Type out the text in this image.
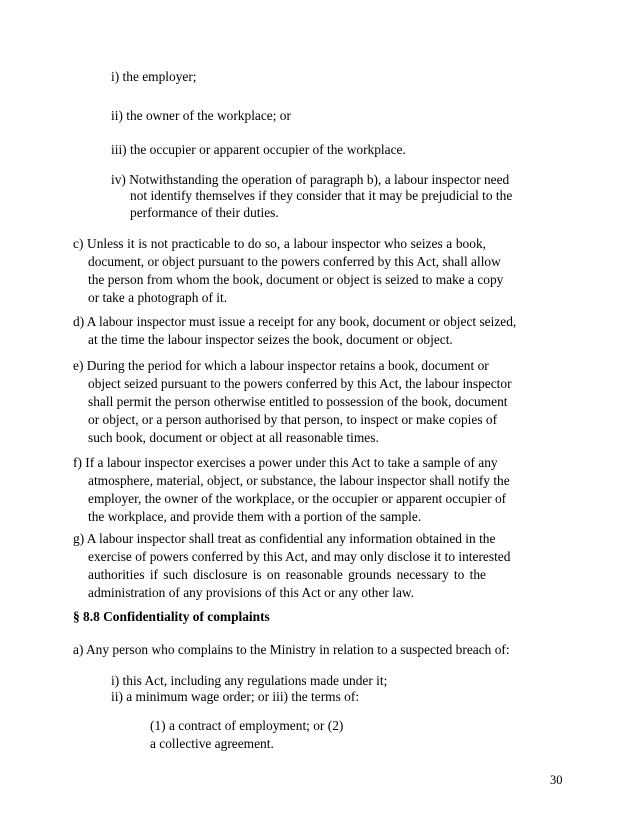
i) the employer;
ii) the owner of the workplace; or
iii) the occupier or apparent occupier of the workplace.
iv) Notwithstanding the operation of paragraph b), a labour inspector need
not identify themselves if they consider that it may be prejudicial to the
performance of their duties.
c) Unless it is not practicable to do so, a labour inspector who seizes a book,
document, or object pursuant to the powers conferred by this Act, shall allow
the person from whom the book, document or object is seized to make a copy
or take a photograph of it.
d) A labour inspector must issue a receipt for any book, document or object seized,
at the time the labour inspector seizes the book, document or object.
e) During the period for which a labour inspector retains a book, document or
object seized pursuant to the powers conferred by this Act, the labour inspector
shall permit the person otherwise entitled to possession of the book, document
or object, or a person authorised by that person, to inspect or make copies of
such book, document or object at all reasonable times.
f) If a labour inspector exercises a power under this Act to take a sample of any
atmosphere, material, object, or substance, the labour inspector shall notify the
employer, the owner of the workplace, or the occupier or apparent occupier of
the workplace, and provide them with a portion of the sample.
g) A labour inspector shall treat as confidential any information obtained in the
exercise of powers conferred by this Act, and may only disclose it to interested
authorities if such disclosure is on reasonable grounds necessary to the
administration of any provisions of this Act or any other law.
§ 8.8 Confidentiality of complaints
a) Any person who complains to the Ministry in relation to a suspected breach of:
i) this Act, including any regulations made under it;
ii) a minimum wage order; or iii) the terms of:
(1) a contract of employment; or (2)
a collective agreement.
30
